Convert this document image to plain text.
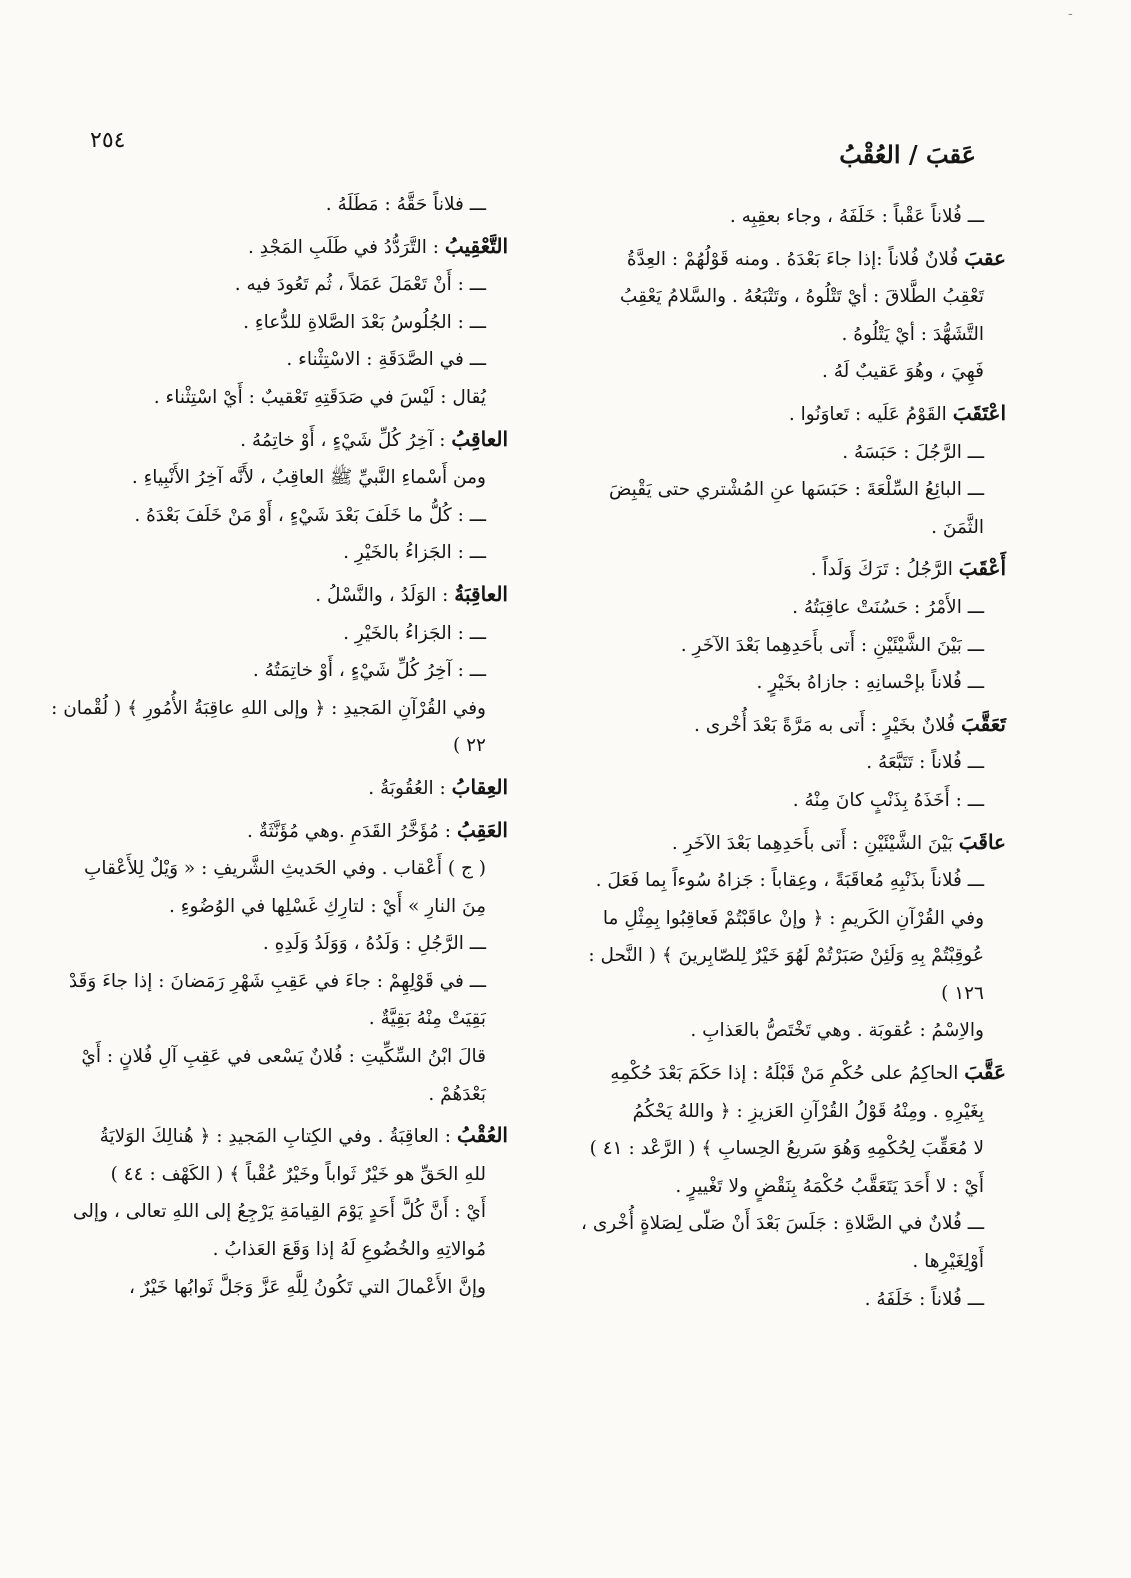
٢٥٤	عَقبَ / العُقْبُ
ـــ فُلاناً عَقْباً : خَلَفَهُ ، وجاء بعقِبِه .
عقبَ فُلانٌ فُلاناً :إذا جاءَ بَعْدَهُ . ومنه قَوْلُهُمْ : العِدَّةُ
تَعْقِبُ الطَّلاقَ : أيْ تَتْلُوهُ ، وتَتْبَعُهُ . والسَّلامُ يَعْقِبُ
التَّشَهُّدَ : أيْ يَتْلُوهُ .
فَهِيَ ، وهُوَ عَقيبٌ لَهُ .
اعْتَقَبَ القَوْمُ عَلَيه : تَعاوَنُوا .
ـــ الرَّجُلَ : حَبَسَهُ .
ـــ البائِعُ السِّلْعَةَ : حَبَسَها عنِ المُشْتري حتى يَقْبِضَ
الثَّمَنَ .
أَعْقَبَ الرَّجُلُ : تَرَكَ وَلَداً .
ـــ الأَمْرُ : حَسُنَتْ عاقِبَتُهُ .
ـــ بَيْنَ الشَّيْئَيْنِ : أَتى بأَحَدِهِما بَعْدَ الآخَرِ .
ـــ فُلاناً بإحْسانِهِ : جازاهُ بخَيْرٍ .
تَعَقَّبَ فُلانٌ بخَيْرٍ : أَتى به مَرَّةً بَعْدَ أُخْرى .
ـــ فُلاناً : تَتَبَّعَهُ .
ـــ : أَخَذَهُ بِذَنْبٍ كانَ مِنْهُ .
عاقَبَ بَيْنَ الشَّيْئَيْنِ : أَتى بأَحَدِهِما بَعْدَ الآخَرِ .
ـــ فُلاناً بذَنْبِهِ مُعاقَبَةً ، وعِقاباً : جَزاهُ سُوءاً بِما فَعَلَ .
وفي القُرْآنِ الكَريمِ : ﴿ وإنْ عاقَبْتُمْ فَعاقِبُوا بِمِثْلِ ما
عُوقِبْتُمْ بِهِ وَلَئِنْ صَبَرْتُمْ لَهُوَ خَيْرٌ لِلصّابِرينَ ﴾ ( النَّحل :
١٢٦ )
والاِسْمُ : عُقوبَة . وهي تَخْتَصُّ بالعَذابِ .
عَقَّبَ الحاكِمُ على حُكْمِ مَنْ قَبْلَهُ : إذا حَكَمَ بَعْدَ حُكْمِهِ
بِغَيْرِهِ . ومِنْهُ قَوْلُ القُرْآنِ العَزيزِ : ﴿ واللهُ يَحْكُمُ
لا مُعَقِّبَ لِحُكْمِهِ وَهُوَ سَريعُ الحِسابِ ﴾ ( الرَّعْد : ٤١ )
أَيْ : لا أَحَدَ يَتَعَقَّبُ حُكْمَهُ بِنَقْضٍ ولا تَغْييرٍ .
ـــ فُلانٌ في الصَّلاةِ : جَلَسَ بَعْدَ أَنْ صَلّى لِصَلاةٍ أُخْرى ،
أَوْلِغَيْرِها .
ـــ فُلاناً : خَلَفَهُ .
ـــ فلاناً حَقَّهُ : مَطَلَهُ .
التَّعْقِيبُ : التَّرَدُّدُ في طَلَبِ المَجْدِ .
ـــ : أَنْ تَعْمَلَ عَمَلاً ، ثُم تَعُودَ فيه .
ـــ : الجُلُوسُ بَعْدَ الصَّلاةِ للدُّعاءِ .
ـــ في الصَّدَقَةِ : الاسْتِثْناء .
يُقال : لَيْسَ في صَدَقَتِهِ تَعْقيبٌ : أَيْ اسْتِثْناء .
العاقِبُ : آخِرُ كُلِّ شَيْءٍ ، أَوْ خاتِمُهُ .
ومن أَسْماءِ النَّبيِّ ﷺ العاقِبُ ، لأَنَّه آخِرُ الأَنْبِياءِ .
ـــ : كُلُّ ما خَلَفَ بَعْدَ شَيْءٍ ، أَوْ مَنْ خَلَفَ بَعْدَهُ .
ـــ : الجَزاءُ بالخَيْرِ .
العاقِبَةُ : الوَلَدُ ، والنَّسْلُ .
ـــ : الجَزاءُ بالخَيْرِ .
ـــ : آخِرُ كُلِّ شَيْءٍ ، أَوْ خاتِمَتُهُ .
وفي القُرْآنِ المَجيدِ : ﴿ وإلى اللهِ عاقِبَةُ الأُمُورِ ﴾ ( لُقْمان :
٢٢ )
العِقابُ : العُقُوبَةُ .
العَقِبُ : مُؤَخَّرُ القَدَمِ .وهي مُؤَنَّثَةٌ .
( ج ) أَعْقاب . وفي الحَديثِ الشَّريفِ : « وَيْلٌ لِلأَعْقابِ
مِنَ النارِ » أَيْ : لتارِكِ غَسْلِها في الوُضُوءِ .
ـــ الرَّجُلِ : وَلَدُهُ ، وَوَلَدُ وَلَدِهِ .
ـــ في قَوْلِهِمْ : جاءَ في عَقِبِ شَهْرِ رَمَضانَ : إذا جاءَ وَقَدْ
بَقِيَتْ مِنْهُ بَقِيَّةٌ .
قالَ ابْنُ السِّكِّيتِ : فُلانٌ يَسْعى في عَقِبِ آلِ فُلانٍ : أَيْ
بَعْدَهُمْ .
العُقْبُ : العاقِبَةُ . وفي الكِتابِ المَجيدِ : ﴿ هُنالِكَ الوَلايَةُ
للهِ الحَقِّ هو خَيْرٌ ثَواباً وخَيْرٌ عُقْباً ﴾ ( الكَهْف : ٤٤ )
أَيْ : أَنَّ كُلَّ أَحَدٍ يَوْمَ القِيامَةِ يَرْجِعُ إلى اللهِ تعالى ، وإلى
مُوالاتِهِ والخُضُوعِ لَهُ إذا وَقَعَ العَذابُ .
وإنَّ الأَعْمالَ التي تَكُونُ لِلَّهِ عَزَّ وَجَلَّ ثَوابُها خَيْرٌ ،
-
